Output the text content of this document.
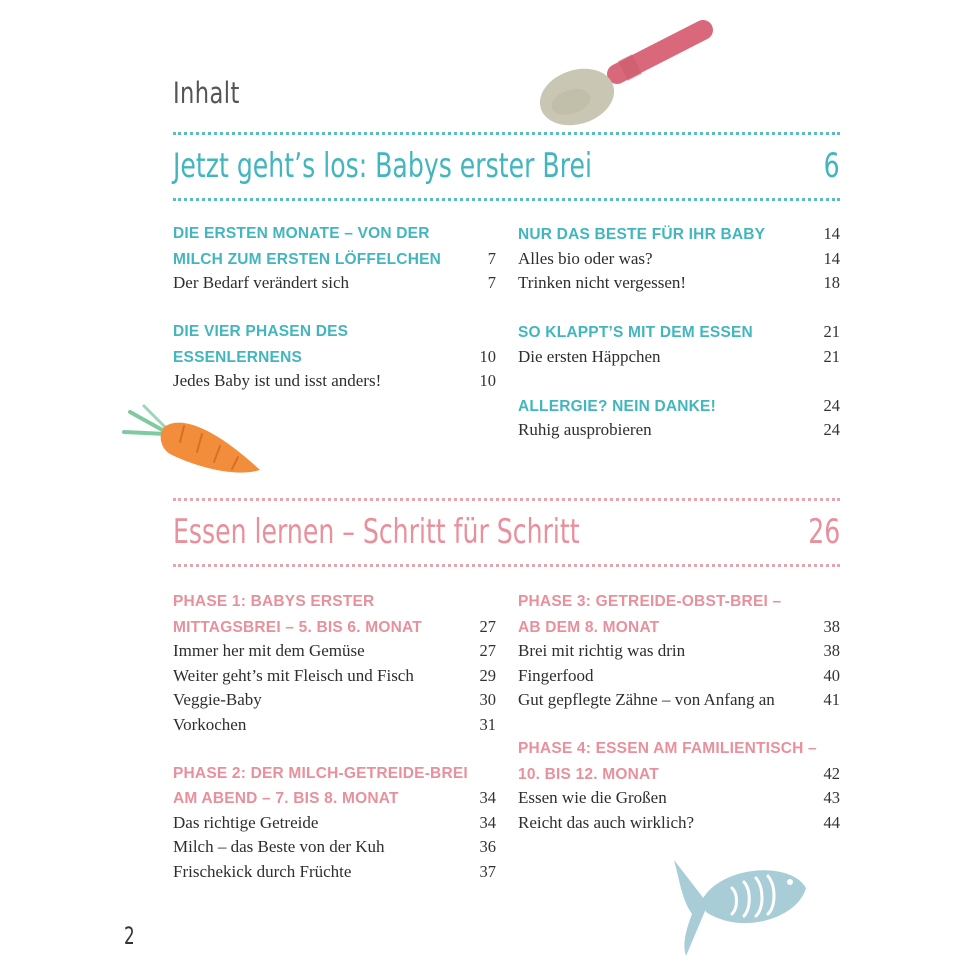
Inhalt
Jetzt geht’s los: Babys erster Brei	6
DIE ERSTEN MONATE – VON DER
MILCH ZUM ERSTEN LÖFFELCHEN	7
Der Bedarf verändert sich	7
DIE VIER PHASEN DES
ESSENLERNENS	10
Jedes Baby ist und isst anders!	10
NUR DAS BESTE FÜR IHR BABY	14
Alles bio oder was?	14
Trinken nicht vergessen!	18
SO KLAPPT’S MIT DEM ESSEN	21
Die ersten Häppchen	21
ALLERGIE? NEIN DANKE!	24
Ruhig ausprobieren	24
Essen lernen – Schritt für Schritt	26
PHASE 1: BABYS ERSTER
MITTAGSBREI – 5. BIS 6. MONAT	27
Immer her mit dem Gemüse	27
Weiter geht’s mit Fleisch und Fisch	29
Veggie-Baby	30
Vorkochen	31
PHASE 2: DER MILCH-GETREIDE-BREI
AM ABEND – 7. BIS 8. MONAT	34
Das richtige Getreide	34
Milch – das Beste von der Kuh	36
Frischekick durch Früchte	37
PHASE 3: GETREIDE-OBST-BREI –
AB DEM 8. MONAT	38
Brei mit richtig was drin	38
Fingerfood	40
Gut gepflegte Zähne – von Anfang an	41
PHASE 4: ESSEN AM FAMILIENTISCH –
10. BIS 12. MONAT	42
Essen wie die Großen	43
Reicht das auch wirklich?	44
2
